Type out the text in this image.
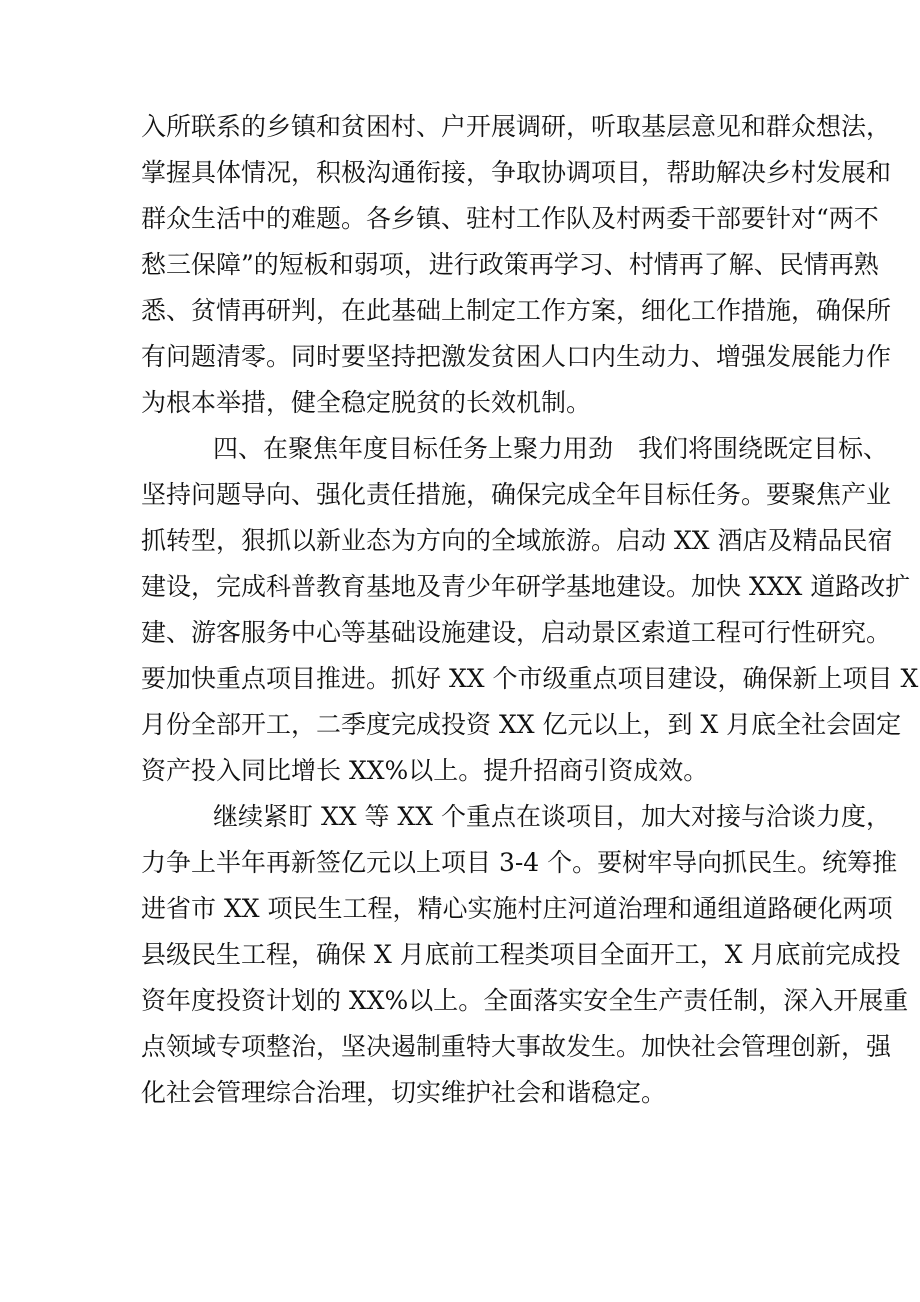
入所联系的乡镇和贫困村、户开展调研，听取基层意见和群众想法，
掌握具体情况，积极沟通衔接，争取协调项目，帮助解决乡村发展和
群众生活中的难题。各乡镇、驻村工作队及村两委干部要针对“两不
愁三保障”的短板和弱项，进行政策再学习、村情再了解、民情再熟
悉、贫情再研判，在此基础上制定工作方案，细化工作措施，确保所
有问题清零。同时要坚持把激发贫困人口内生动力、增强发展能力作
为根本举措，健全稳定脱贫的长效机制。
四、在聚焦年度目标任务上聚力用劲　我们将围绕既定目标、
坚持问题导向、强化责任措施，确保完成全年目标任务。要聚焦产业
抓转型，狠抓以新业态为方向的全域旅游。启动 XX 酒店及精品民宿
建设，完成科普教育基地及青少年研学基地建设。加快 XXX 道路改扩
建、游客服务中心等基础设施建设，启动景区索道工程可行性研究。
要加快重点项目推进。抓好 XX 个市级重点项目建设，确保新上项目 X
月份全部开工，二季度完成投资 XX 亿元以上，到 X 月底全社会固定
资产投入同比增长 XX%以上。提升招商引资成效。
继续紧盯 XX 等 XX 个重点在谈项目，加大对接与洽谈力度，
力争上半年再新签亿元以上项目 3-4 个。要树牢导向抓民生。统筹推
进省市 XX 项民生工程，精心实施村庄河道治理和通组道路硬化两项
县级民生工程，确保 X 月底前工程类项目全面开工，X 月底前完成投
资年度投资计划的 XX%以上。全面落实安全生产责任制，深入开展重
点领域专项整治，坚决遏制重特大事故发生。加快社会管理创新，强
化社会管理综合治理，切实维护社会和谐稳定。
